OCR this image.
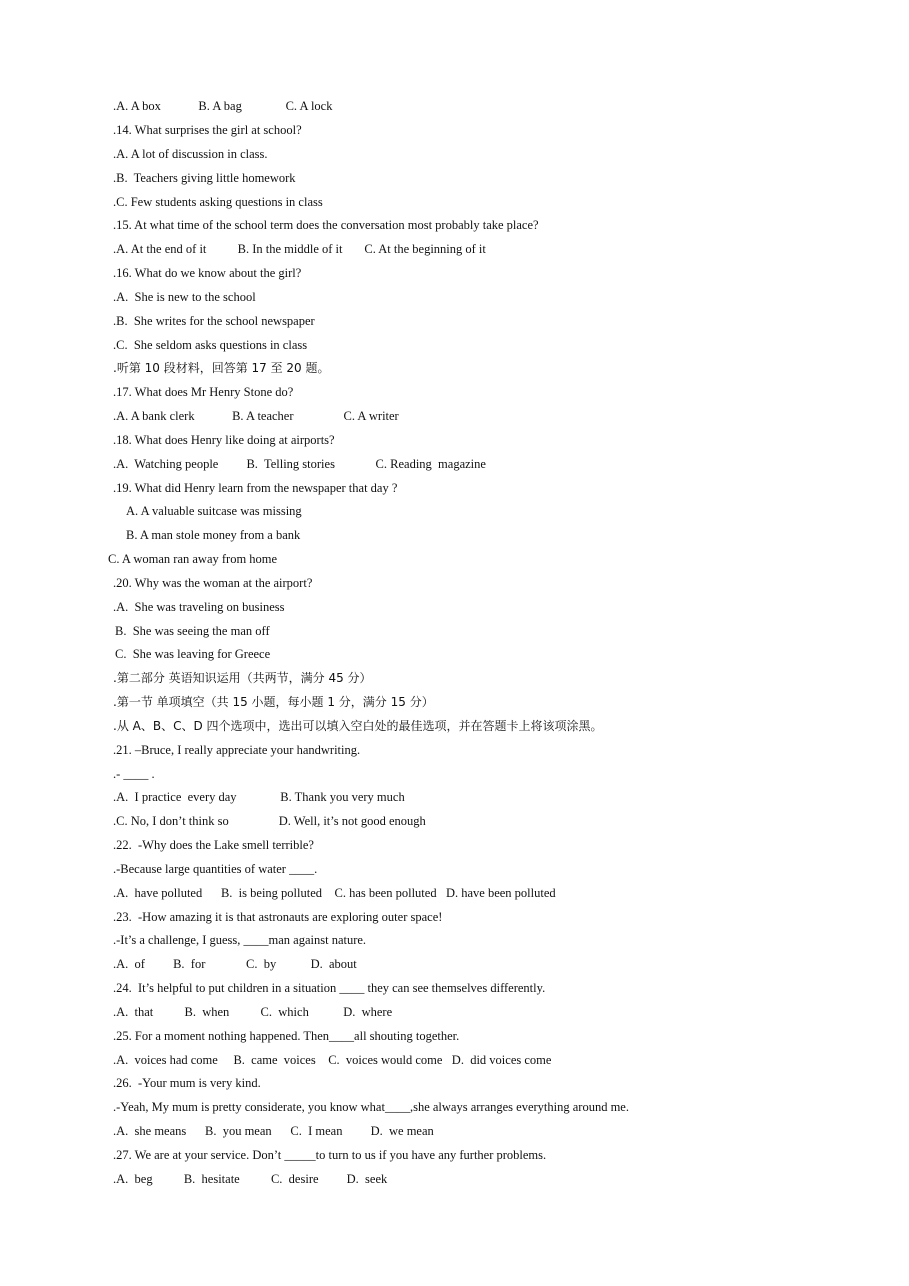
.A. A box            B. A bag              C. A lock
.14. What surprises the girl at school?
.A. A lot of discussion in class.
.B.  Teachers giving little homework
.C. Few students asking questions in class
.15. At what time of the school term does the conversation most probably take place?
.A. At the end of it          B. In the middle of it       C. At the beginning of it
.16. What do we know about the girl?
.A.  She is new to the school
.B.  She writes for the school newspaper
.C.  She seldom asks questions in class
.听第 10 段材料，回答第 17 至 20 题。
.17. What does Mr Henry Stone do?
.A. A bank clerk            B. A teacher                C. A writer
.18. What does Henry like doing at airports?
.A.  Watching people         B.  Telling stories             C. Reading  magazine
.19. What did Henry learn from the newspaper that day ?
A. A valuable suitcase was missing
B. A man stole money from a bank
C. A woman ran away from home
.20. Why was the woman at the airport?
.A.  She was traveling on business
B.  She was seeing the man off
C.  She was leaving for Greece
.第二部分 英语知识运用（共两节，满分 45 分）
.第一节 单项填空（共 15 小题，每小题 1 分，满分 15 分）
.从 A、B、C、D 四个选项中，选出可以填入空白处的最佳选项，并在答题卡上将该项涂黑。
.21. –Bruce, I really appreciate your handwriting.
.- ____ .
.A.  I practice  every day              B. Thank you very much
.C. No, I don’t think so                D. Well, it’s not good enough
.22.  -Why does the Lake smell terrible?
.-Because large quantities of water ____.
.A.  have polluted      B.  is being polluted    C. has been polluted   D. have been polluted
.23.  -How amazing it is that astronauts are exploring outer space!
.-It’s a challenge, I guess, ____man against nature.
.A.  of         B.  for             C.  by           D.  about
.24.  It’s helpful to put children in a situation ____ they can see themselves differently.
.A.  that          B.  when          C.  which           D.  where
.25. For a moment nothing happened. Then____all shouting together.
.A.  voices had come     B.  came  voices    C.  voices would come   D.  did voices come
.26.  -Your mum is very kind.
.-Yeah, My mum is pretty considerate, you know what____,she always arranges everything around me.
.A.  she means      B.  you mean      C.  I mean         D.  we mean
.27. We are at your service. Don’t _____to turn to us if you have any further problems.
.A.  beg          B.  hesitate          C.  desire         D.  seek
